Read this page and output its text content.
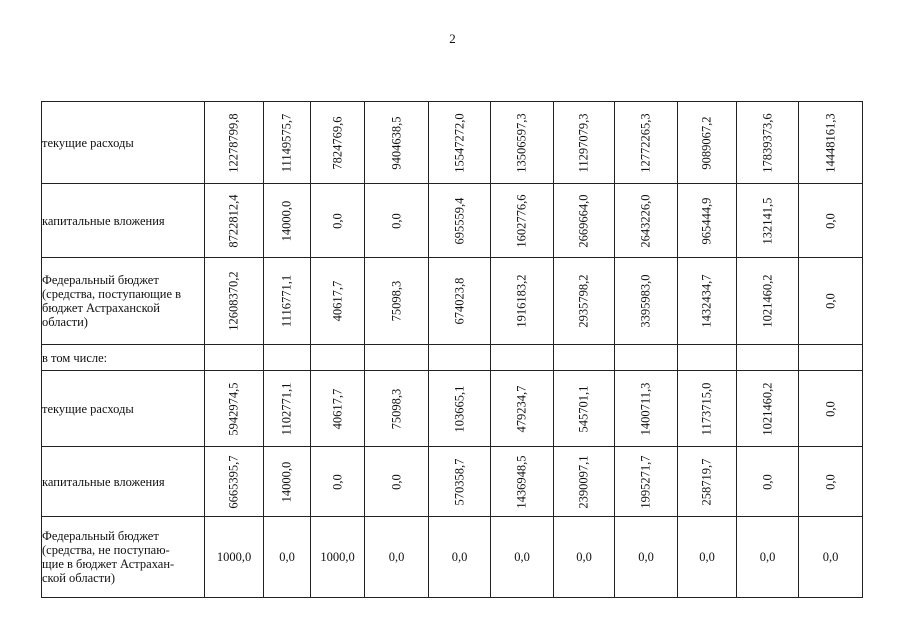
2
текущие расходы	12278799,8	11149575,7	7824769,6	9404638,5	15547272,0	13506597,3	11297079,3	12772265,3	9089067,2	17839373,6	14448161,3

капитальные вложения	8722812,4	14000,0	0,0	0,0	695559,4	1602776,6	2669664,0	2643226,0	965444,9	132141,5	0,0

Федеральный бюджет
(средства, поступающие в
бюджет Астраханской
области)	12608370,2	1116771,1	40617,7	75098,3	674023,8	1916183,2	2935798,2	3395983,0	1432434,7	1021460,2	0,0

в том числе:											

текущие расходы	5942974,5	1102771,1	40617,7	75098,3	103665,1	479234,7	545701,1	1400711,3	1173715,0	1021460,2	0,0

капитальные вложения	6665395,7	14000,0	0,0	0,0	570358,7	1436948,5	2390097,1	1995271,7	258719,7	0,0	0,0

Федеральный бюджет
(средства, не поступаю-
щие в бюджет Астрахан-
ской области)	1000,0	0,0	1000,0	0,0	0,0	0,0	0,0	0,0	0,0	0,0	0,0
